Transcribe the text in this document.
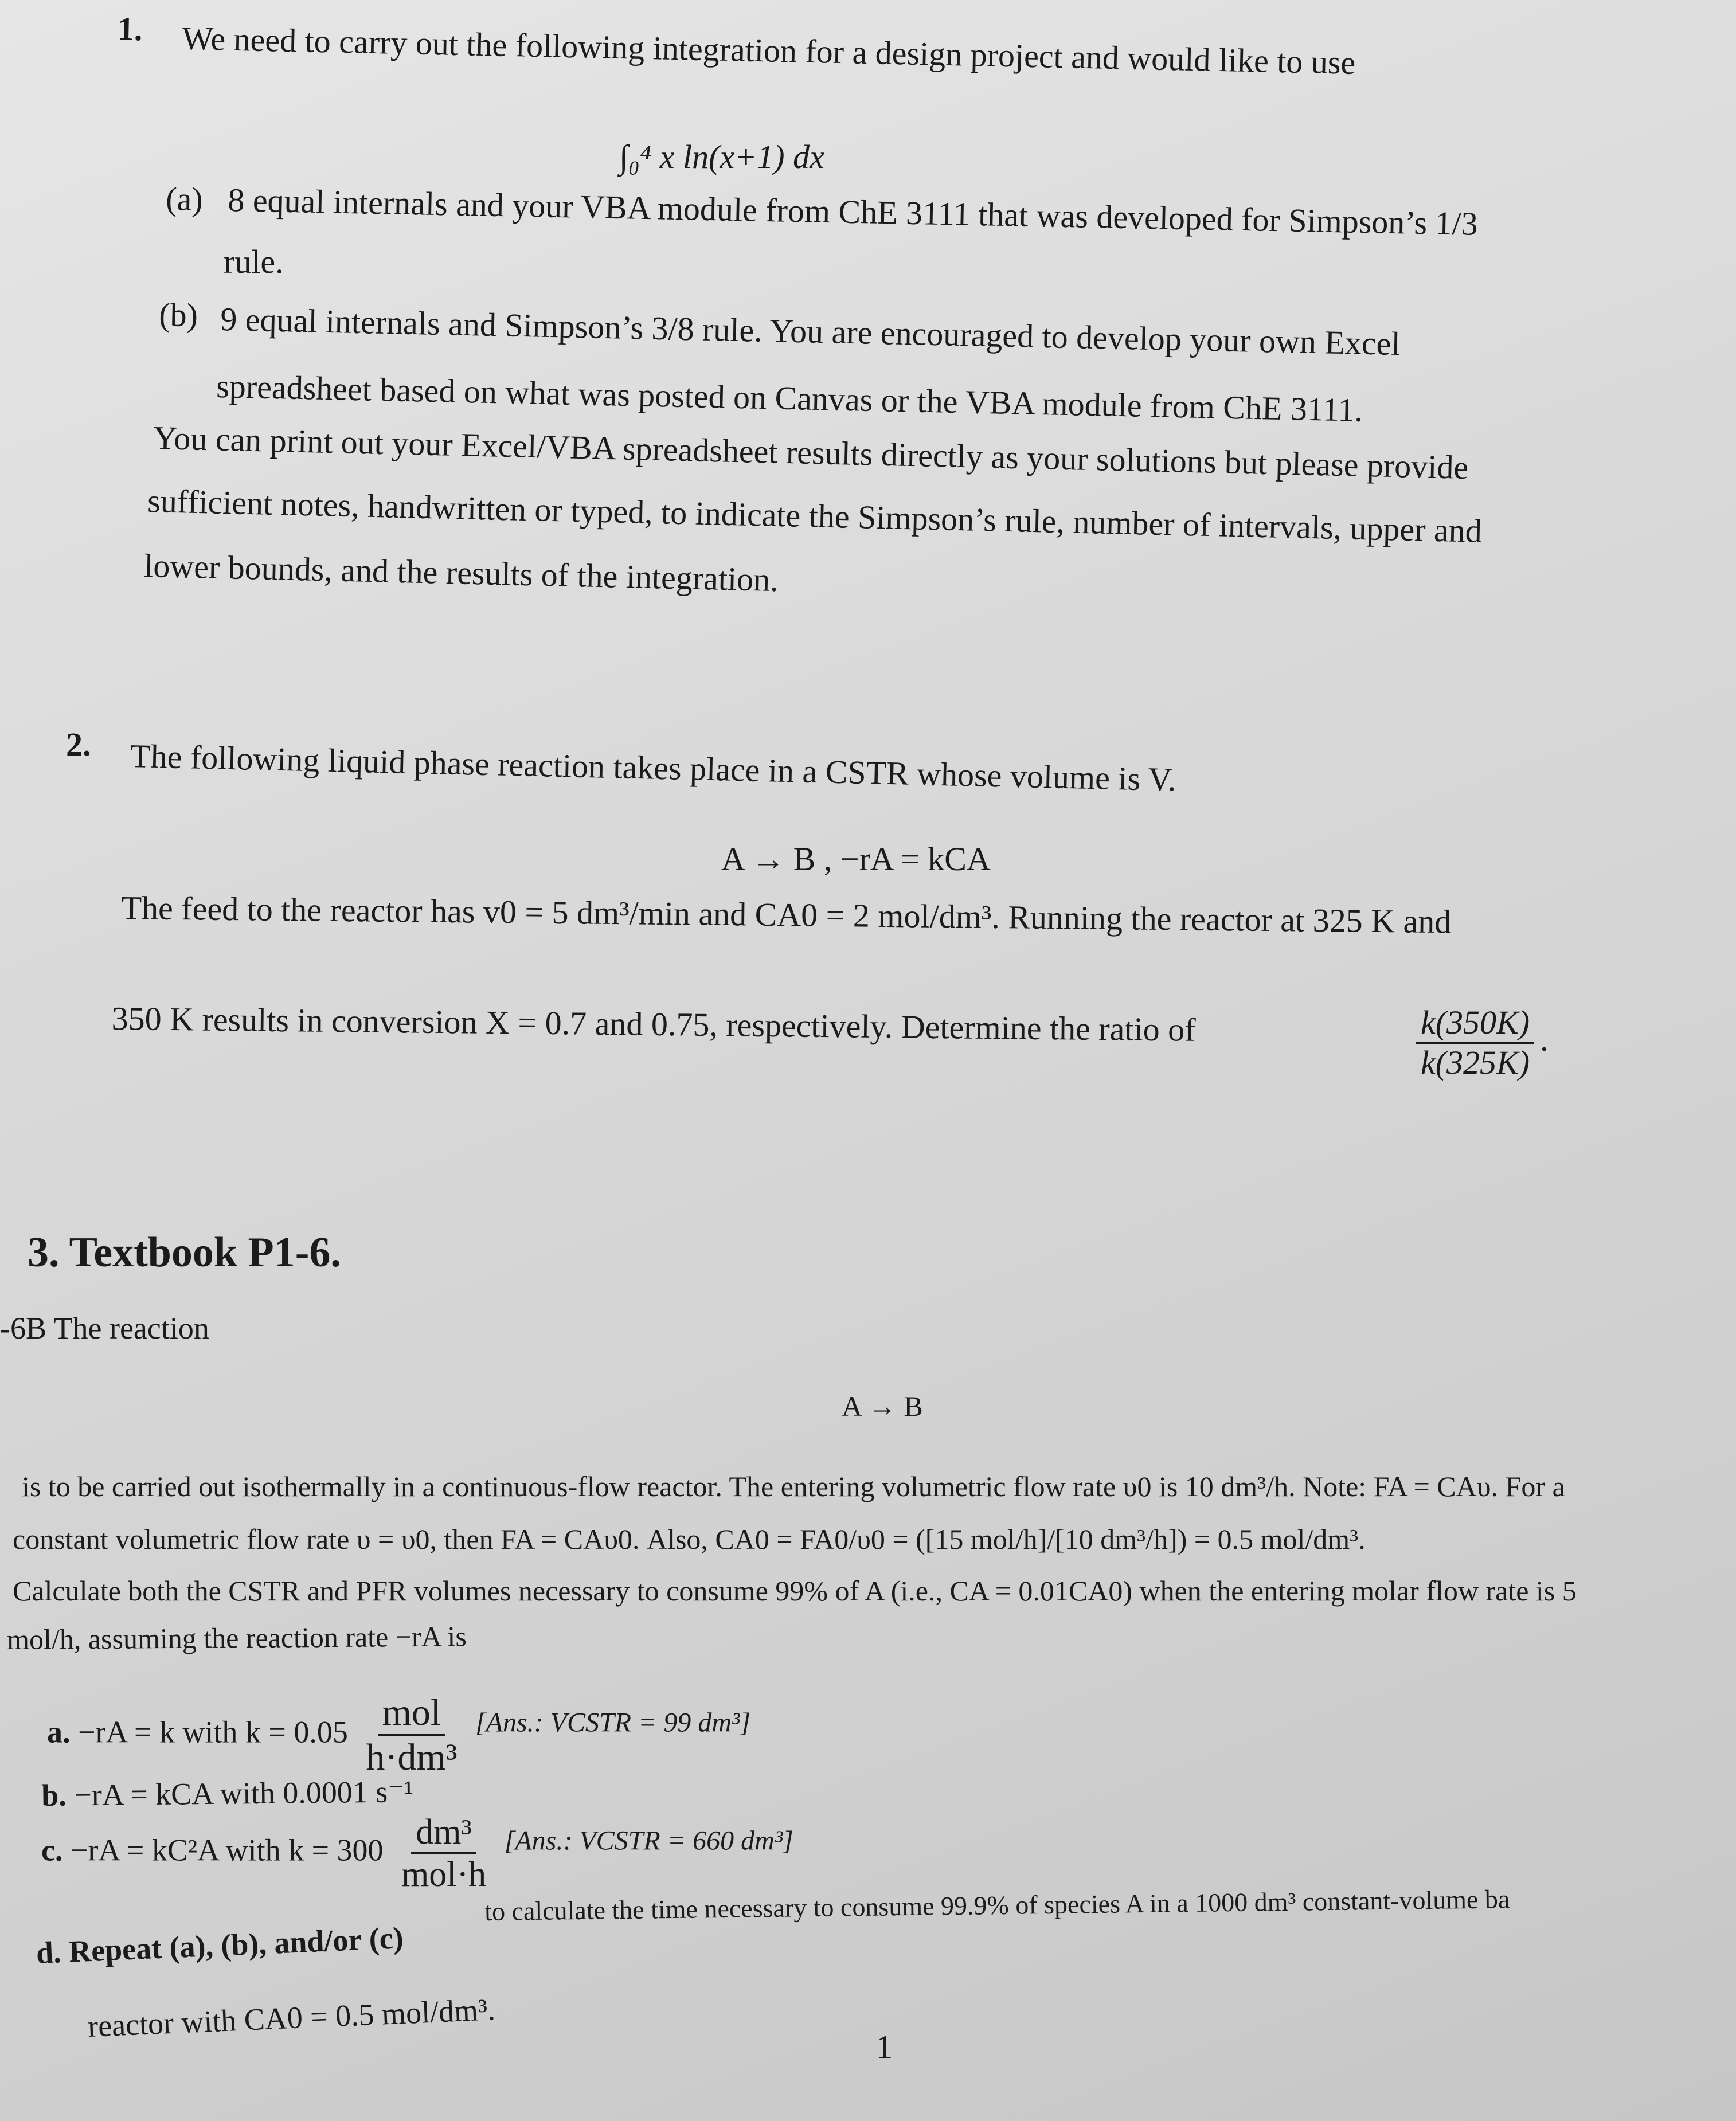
1. We need to carry out the following integration for a design project and would like to use
∫₀⁴ x ln(x+1) dx
(a) 8 equal internals and your VBA module from ChE 3111 that was developed for Simpson’s 1/3
rule.
(b) 9 equal internals and Simpson’s 3/8 rule. You are encouraged to develop your own Excel
spreadsheet based on what was posted on Canvas or the VBA module from ChE 3111.
You can print out your Excel/VBA spreadsheet results directly as your solutions but please provide
sufficient notes, handwritten or typed, to indicate the Simpson’s rule, number of intervals, upper and
lower bounds, and the results of the integration.
2. The following liquid phase reaction takes place in a CSTR whose volume is V.
A → B , −rA = kCA
The feed to the reactor has v0 = 5 dm³/min and CA0 = 2 mol/dm³. Running the reactor at 325 K and
350 K results in conversion X = 0.7 and 0.75, respectively. Determine the ratio of	$\frac{k(350K)}{k(325K)}$ .
3. Textbook P1-6.
-6B The reaction
A → B
is to be carried out isothermally in a continuous-flow reactor. The entering volumetric flow rate υ0 is 10 dm³/h. Note: FA = CAυ. For a
constant volumetric flow rate υ = υ0, then FA = CAυ0. Also, CA0 = FA0/υ0 = ([15 mol/h]/[10 dm³/h]) = 0.5 mol/dm³.
Calculate both the CSTR and PFR volumes necessary to consume 99% of A (i.e., CA = 0.01CA0) when the entering molar flow rate is 5
mol/h, assuming the reaction rate −rA is
a. −rA = k with $k = 0.05 \frac{\text{mol}}{\text{h·dm³}} [Ans$.: VCSTR = 99 dm³]
b. −rA = kCA with 0.0001 s⁻¹
c. −rA = kC²A with $k = 300 \frac{\text{dm³}}{\text{mol·h}} [Ans$.: VCSTR = 660 dm³]
d. Repeat (a), (b), and/or (c)
to calculate the time necessary to consume 99.9% of species A in a 1000 dm³ constant-volume ba
reactor with CA0 = 0.5 mol/dm³.
1
